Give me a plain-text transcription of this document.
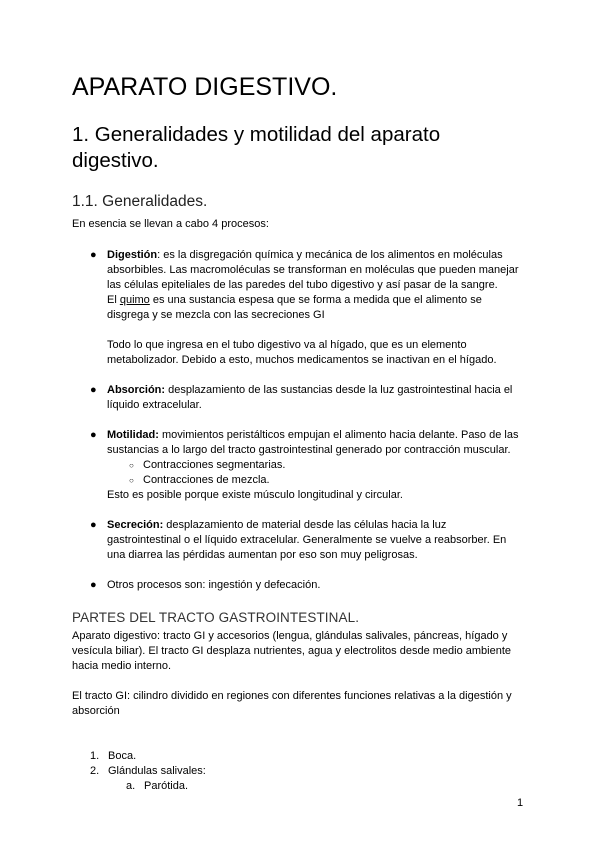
APARATO DIGESTIVO.
1. Generalidades y motilidad del aparato digestivo.
1.1. Generalidades.

En esencia se llevan a cabo 4 procesos:

● Digestión: es la disgregación química y mecánica de los alimentos en moléculas
absorbibles. Las macromoléculas se transforman en moléculas que pueden manejar
las células epiteliales de las paredes del tubo digestivo y así pasar de la sangre.
El quimo es una sustancia espesa que se forma a medida que el alimento se
disgrega y se mezcla con las secreciones GI
Todo lo que ingresa en el tubo digestivo va al hígado, que es un elemento
metabolizador. Debido a esto, muchos medicamentos se inactivan en el hígado.
● Absorción: desplazamiento de las sustancias desde la luz gastrointestinal hacia el
líquido extracelular.
● Motilidad: movimientos peristálticos empujan el alimento hacia delante. Paso de las
sustancias a lo largo del tracto gastrointestinal generado por contracción muscular.
○ Contracciones segmentarias.
○ Contracciones de mezcla.
Esto es posible porque existe músculo longitudinal y circular.
● Secreción: desplazamiento de material desde las células hacia la luz
gastrointestinal o el líquido extracelular. Generalmente se vuelve a reabsorber. En
una diarrea las pérdidas aumentan por eso son muy peligrosas.
● Otros procesos son: ingestión y defecación.
PARTES DEL TRACTO GASTROINTESTINAL.

Aparato digestivo: tracto GI y accesorios (lengua, glándulas salivales, páncreas, hígado y
vesícula biliar). El tracto GI desplaza nutrientes, agua y electrolitos desde medio ambiente
hacia medio interno.

El tracto GI: cilindro dividido en regiones con diferentes funciones relativas a la digestión y
absorción

1. Boca.
2. Glándulas salivales:
a. Parótida.
1
